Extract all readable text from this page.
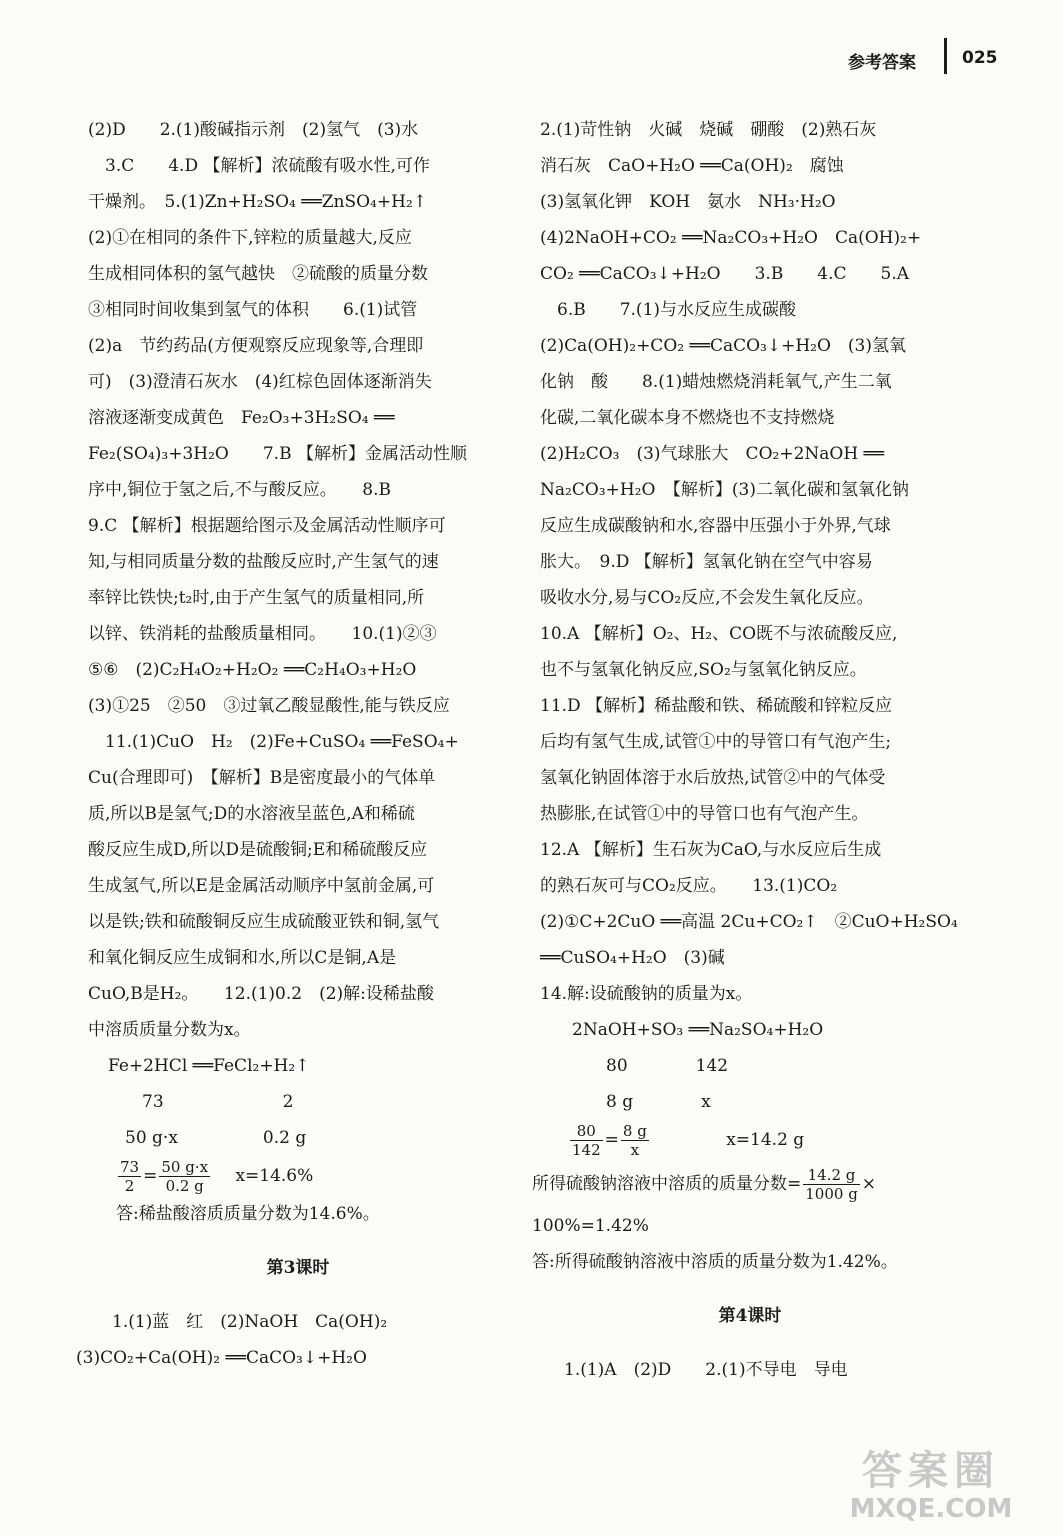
参考答案	025
(2)D　　2.(1)酸碱指示剂　(2)氢气　(3)水
　3.C　　4.D 【解析】浓硫酸有吸水性,可作
干燥剂。　5.(1)Zn+H₂SO₄ ══ZnSO₄+H₂↑
(2)①在相同的条件下,锌粒的质量越大,反应
生成相同体积的氢气越快　②硫酸的质量分数
③相同时间收集到氢气的体积　　6.(1)试管
(2)a　节约药品(方便观察反应现象等,合理即
可)　(3)澄清石灰水　(4)红棕色固体逐渐消失
溶液逐渐变成黄色　Fe₂O₃+3H₂SO₄ ══
Fe₂(SO₄)₃+3H₂O　　7.B 【解析】金属活动性顺
序中,铜位于氢之后,不与酸反应。　　8.B
9.C 【解析】根据题给图示及金属活动性顺序可
知,与相同质量分数的盐酸反应时,产生氢气的速
率锌比铁快;t₂时,由于产生氢气的质量相同,所
以锌、铁消耗的盐酸质量相同。　　10.(1)②③
⑤⑥　(2)C₂H₄O₂+H₂O₂ ══C₂H₄O₃+H₂O
(3)①25　②50　③过氧乙酸显酸性,能与铁反应
　11.(1)CuO　H₂　(2)Fe+CuSO₄ ══FeSO₄+
Cu(合理即可)　【解析】B是密度最小的气体单
质,所以B是氢气;D的水溶液呈蓝色,A和稀硫
酸反应生成D,所以D是硫酸铜;E和稀硫酸反应
生成氢气,所以E是金属活动顺序中氢前金属,可
以是铁;铁和硫酸铜反应生成硫酸亚铁和铜,氢气
和氧化铜反应生成铜和水,所以C是铜,A是
CuO,B是H₂。　　12.(1)0.2　(2)解:设稀盐酸
中溶质质量分数为x。
Fe+2HCl ══FeCl₂+H₂↑
　　73　　　　　　　2
　50 g·x　　　　　0.2 g
$\frac{73}{2} = \frac{50 g\cdot x}{0.2 g} x=14.6\%$
答:稀盐酸溶质质量分数为14.6%。
第3课时
1.(1)蓝　红　(2)NaOH　Ca(OH)₂
(3)CO₂+Ca(OH)₂ ══CaCO₃↓+H₂O
2.(1)苛性钠　火碱　烧碱　硼酸　(2)熟石灰
消石灰　CaO+H₂O ══Ca(OH)₂　腐蚀
(3)氢氧化钾　KOH　氨水　NH₃·H₂O
(4)2NaOH+CO₂ ══Na₂CO₃+H₂O　Ca(OH)₂+
CO₂ ══CaCO₃↓+H₂O　　3.B　　4.C　　5.A
　6.B　　7.(1)与水反应生成碳酸
(2)Ca(OH)₂+CO₂ ══CaCO₃↓+H₂O　(3)氢氧
化钠　酸　　8.(1)蜡烛燃烧消耗氧气,产生二氧
化碳,二氧化碳本身不燃烧也不支持燃烧
(2)H₂CO₃　(3)气球胀大　CO₂+2NaOH ══
Na₂CO₃+H₂O　【解析】(3)二氧化碳和氢氧化钠
反应生成碳酸钠和水,容器中压强小于外界,气球
胀大。　9.D 【解析】氢氧化钠在空气中容易
吸收水分,易与CO₂反应,不会发生氧化反应。
10.A 【解析】O₂、H₂、CO既不与浓硫酸反应,
也不与氢氧化钠反应,SO₂与氢氧化钠反应。
11.D 【解析】稀盐酸和铁、稀硫酸和锌粒反应
后均有氢气生成,试管①中的导管口有气泡产生;
氢氧化钠固体溶于水后放热,试管②中的气体受
热膨胀,在试管①中的导管口也有气泡产生。
12.A 【解析】生石灰为CaO,与水反应后生成
的熟石灰可与CO₂反应。　　13.(1)CO₂
(2)①C+2CuO ══高温 2Cu+CO₂↑　②CuO+H₂SO₄
══CuSO₄+H₂O　(3)碱
14.解:设硫酸钠的质量为x。
2NaOH+SO₃ ══Na₂SO₄+H₂O
　　80　　　　142
　　8 g　　　　x
$\frac{80}{142} = \frac{8 g}{x}$	x=14.2 g
所得硫酸钠溶液中溶质的质量分数= $\frac{14.2 g}{1000 g}$ ×
100%=1.42%
答:所得硫酸钠溶液中溶质的质量分数为1.42%。
第4课时
1.(1)A　(2)D　　2.(1)不导电　导电
答案圈
MXQE.COM
